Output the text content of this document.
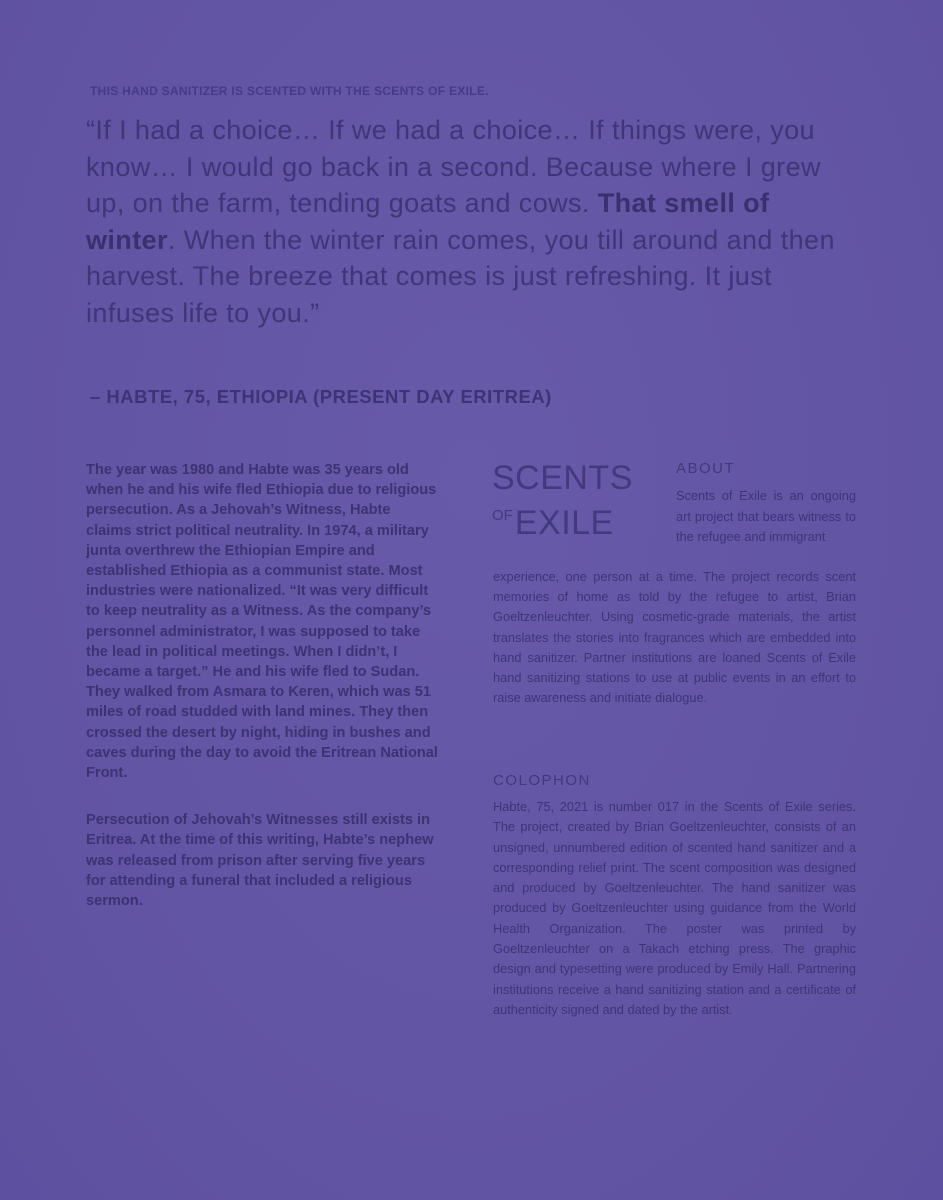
THIS HAND SANITIZER IS SCENTED WITH THE SCENTS OF EXILE.
“If I had a choice… If we had a choice… If things were, you know… I would go back in a second. Because where I grew up, on the farm, tending goats and cows. That smell of winter. When the winter rain comes, you till around and then harvest. The breeze that comes is just refreshing. It just infuses life to you.”
– HABTE, 75, ETHIOPIA (PRESENT DAY ERITREA)

The year was 1980 and Habte was 35 years old when he and his wife fled Ethiopia due to religious persecution. As a Jehovah’s Witness, Habte claims strict political neutrality. In 1974, a military junta overthrew the Ethiopian Empire and established Ethiopia as a communist state. Most industries were nationalized. “It was very difficult to keep neutrality as a Witness. As the company’s personnel administrator, I was supposed to take the lead in political meetings. When I didn’t, I became a target.” He and his wife fled to Sudan. They walked from Asmara to Keren, which was 51 miles of road studded with land mines. They then crossed the desert by night, hiding in bushes and caves during the day to avoid the Eritrean National Front.

Persecution of Jehovah’s Witnesses still exists in Eritrea. At the time of this writing, Habte’s nephew was released from prison after serving five years for attending a funeral that included a religious sermon.

SCENTS
OFEXILE
ABOUT
Scents of Exile is an ongoing art project that bears witness to the refugee and immigrant
experience, one person at a time. The project records scent memories of home as told by the refugee to artist, Brian Goeltzenleuchter. Using cosmetic-grade materials, the artist translates the stories into fragrances which are embedded into hand sanitizer. Partner institutions are loaned Scents of Exile hand sanitizing stations to use at public events in an effort to raise awareness and initiate dialogue.
COLOPHON
Habte, 75, 2021 is number 017 in the Scents of Exile series. The project, created by Brian Goeltzenleuchter, consists of an unsigned, unnumbered edition of scented hand sanitizer and a corresponding relief print. The scent composition was designed and produced by Goeltzenleuchter. The hand sanitizer was produced by Goeltzenleuchter using guidance from the World Health Organization. The poster was printed by Goeltzenleuchter on a Takach etching press. The graphic design and typesetting were produced by Emily Hall. Partnering institutions receive a hand sanitizing station and a certificate of authenticity signed and dated by the artist.
